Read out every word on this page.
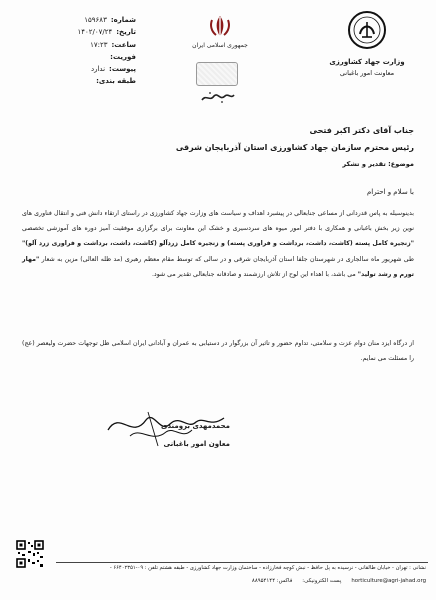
شماره:
۱۵۹۶۸۳
تاریخ:
۱۴۰۲/۰۷/۲۴
ساعت:
۱۷:۲۳
فوریت:
پیوست:
ندارد
طبقه بندی:
جمهوری اسلامی ایران
وزارت جهاد کشاورزی
معاونت امور باغبانی
جناب آقای دکتر اکبر فتحی
رئیس محترم سازمان جهاد کشاورزی استان آذربایجان شرقی
موضوع: تقدیر و تشکر
با سلام و احترام

بدینوسیله به پاس قدردانی از مساعی جنابعالی در پیشبرد اهداف و سیاست های وزارت جهاد کشاورزی در راستای ارتقاء دانش فنی و انتقال فناوری های نوین زیر بخش باغبانی و همکاری با دفتر امور میوه های سردسیری و خشک این معاونت برای برگزاری موفقیت آمیز دوره های آموزشی تخصصی "زنجیره کامل پسته (کاشت، داشت، برداشت و فراوری پسته) و زنجیره کامل زردآلو (کاشت، داشت، برداشت و فراوری زرد آلو)" طی شهریور ماه سالجاری در شهرستان جلفا استان آذربایجان شرقی و در سالی که توسط مقام معظم رهبری (مد ظله العالی) مزین به شعار "مهار تورم و رشد تولید" می باشد، با اهداء این لوح از تلاش ارزشمند و صادقانه جنابعالی تقدیر می شود.

از درگاه ایزد منان دوام عزت و سلامتی، تداوم حضور و تاثیر آن بزرگوار در دستیابی به عمران و آبادانی ایران اسلامی ظل توجهات حضرت ولیعصر (عج) را مسئلت می نمایم.
محمدمهدی برومندی
معاون امور باغبانی
نشانی : تهران - خیابان طالقانی - نرسیده به پل حافظ - نبش کوچه فخارزاده - ساختمان وزارت جهاد کشاورزی - طبقه هشتم تلفن : ۰۹-۶۶۴۰۲۳۵۱ -
horticulture@agri-jahad.org
پست الکترونیکی:
فاکس: ۸۸۹۵۴۱۴۴
